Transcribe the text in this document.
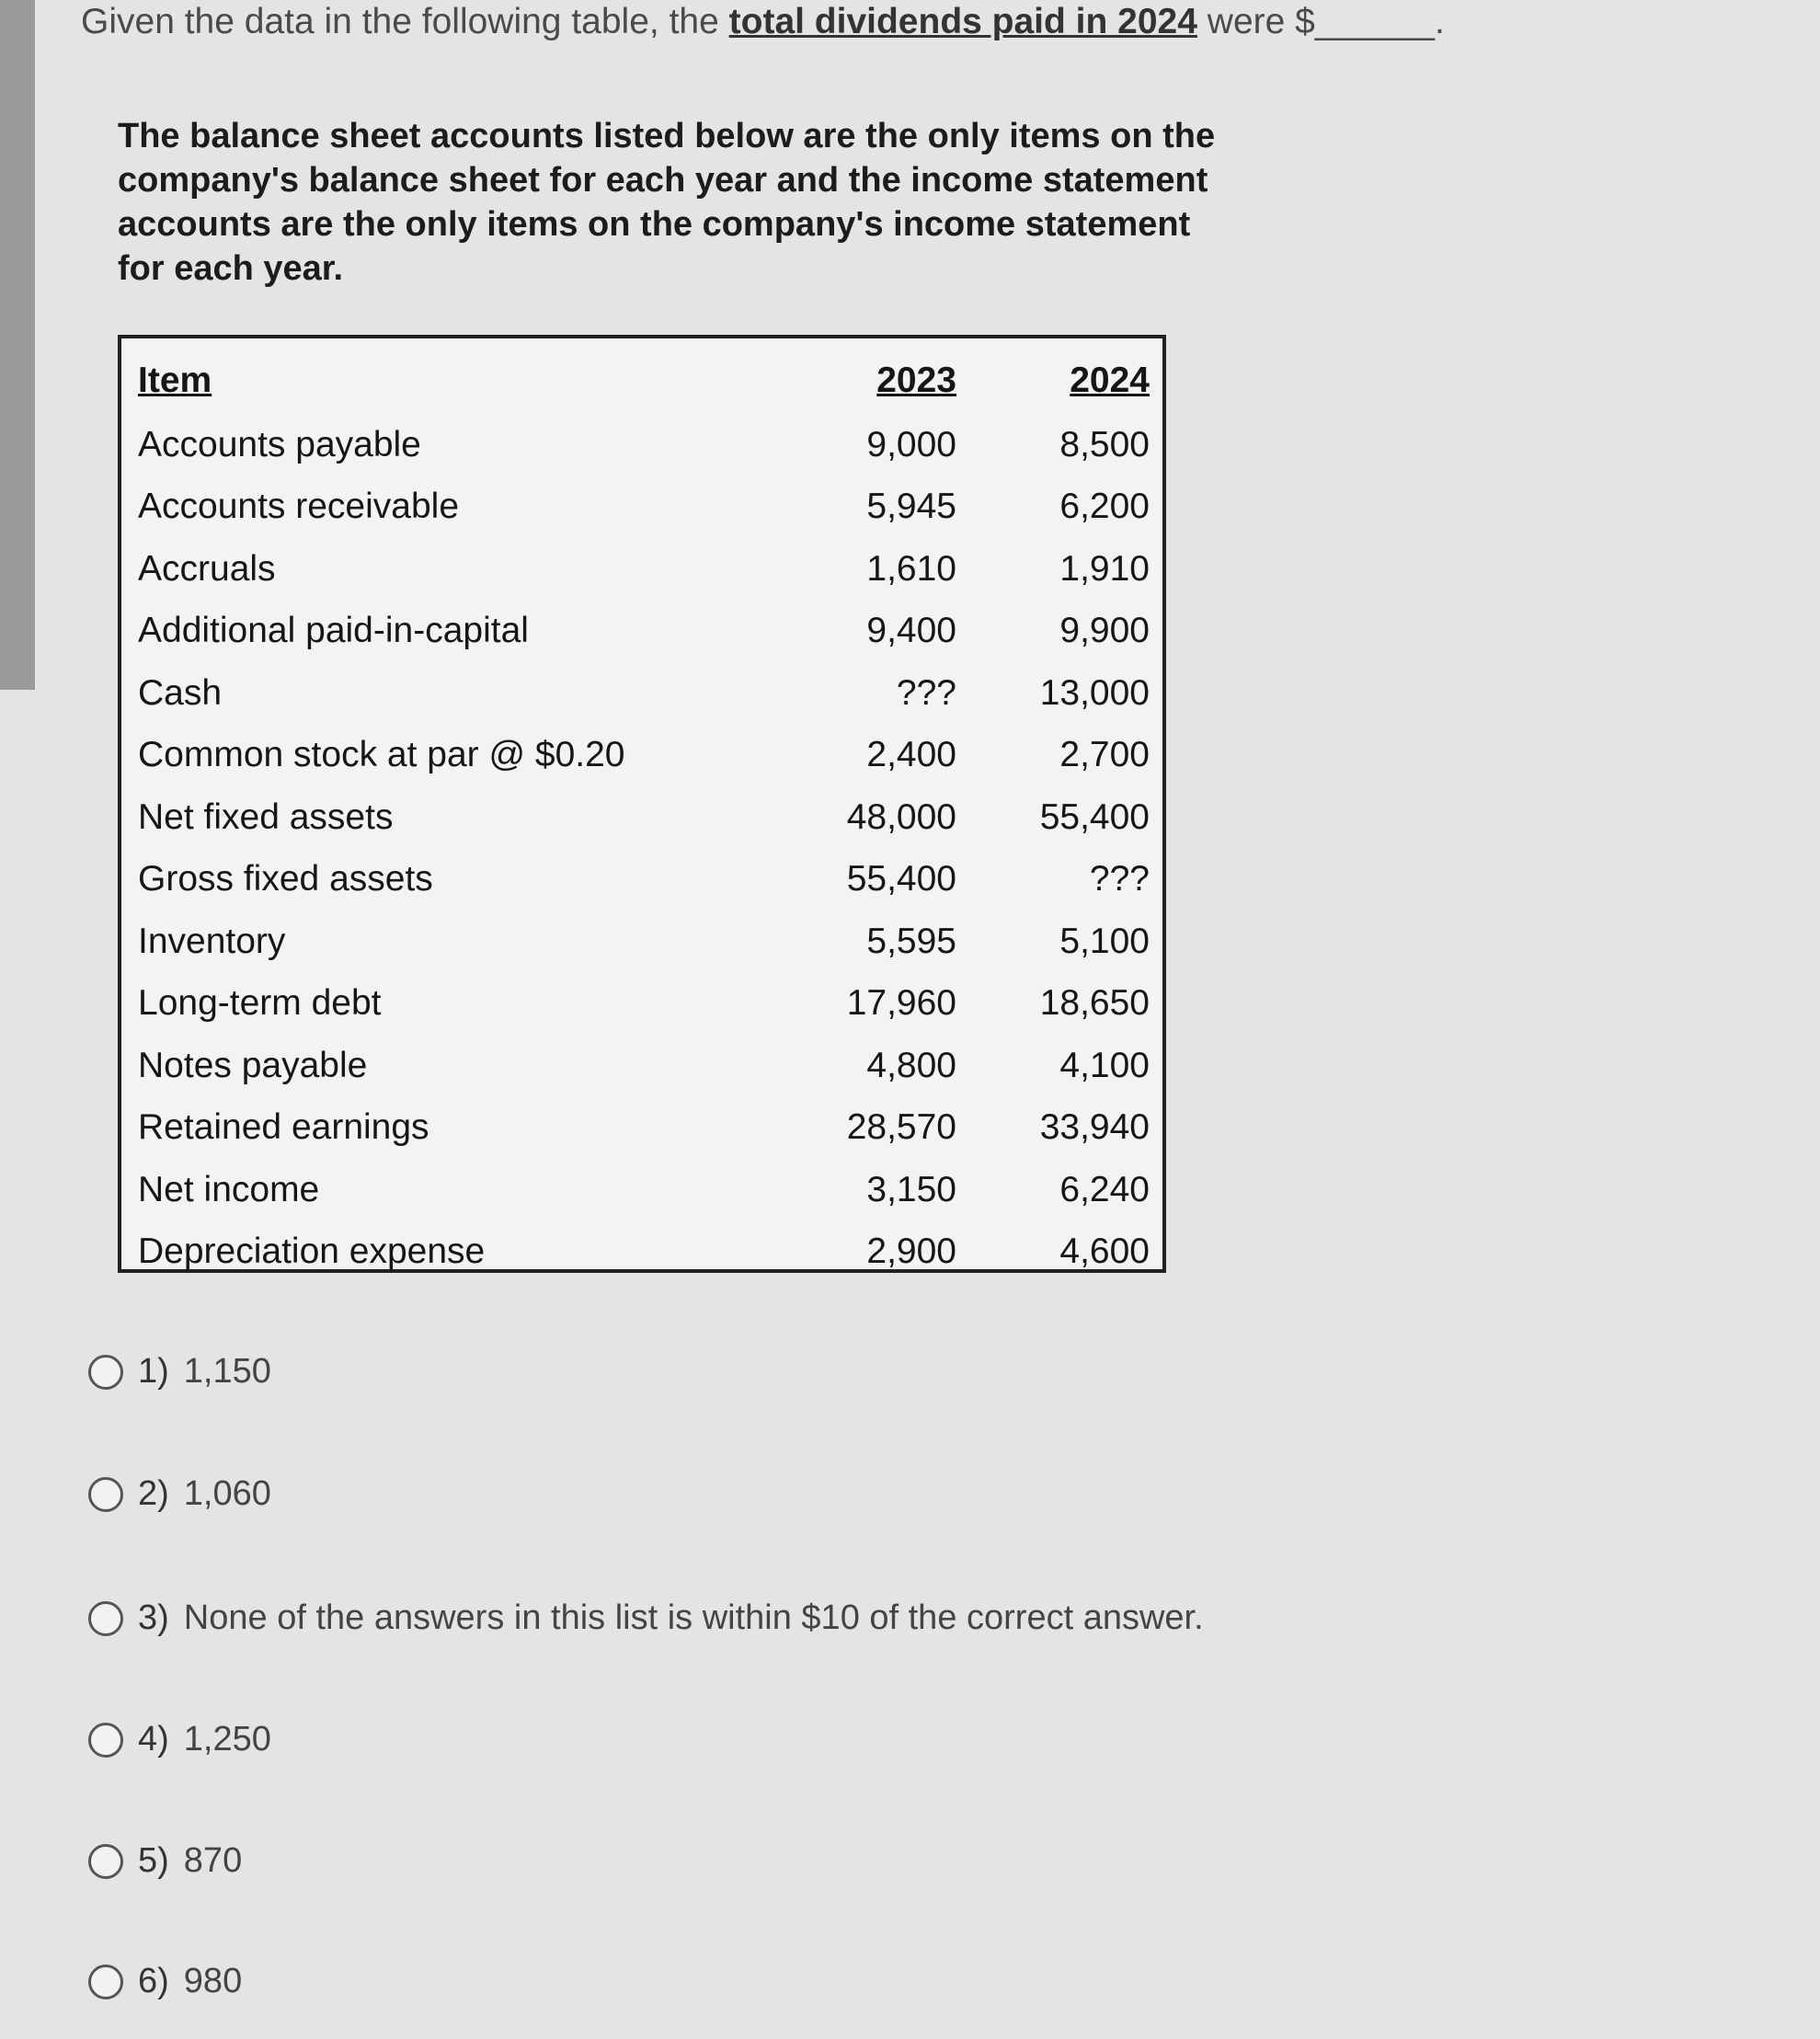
Given the data in the following table, the total dividends paid in 2024 were $______.
The balance sheet accounts listed below are the only items on the
company's balance sheet for each year and the income statement
accounts are the only items on the company's income statement
for each year.
Item	2023	2024
Accounts payable	9,000	8,500
Accounts receivable	5,945	6,200
Accruals	1,610	1,910
Additional paid-in-capital	9,400	9,900
Cash	???	13,000
Common stock at par @ $0.20	2,400	2,700
Net fixed assets	48,000	55,400
Gross fixed assets	55,400	???
Inventory	5,595	5,100
Long-term debt	17,960	18,650
Notes payable	4,800	4,100
Retained earnings	28,570	33,940
Net income	3,150	6,240
Depreciation expense	2,900	4,600
1) 1,150
2) 1,060
3) None of the answers in this list is within $10 of the correct answer.
4) 1,250
5) 870
6) 980
